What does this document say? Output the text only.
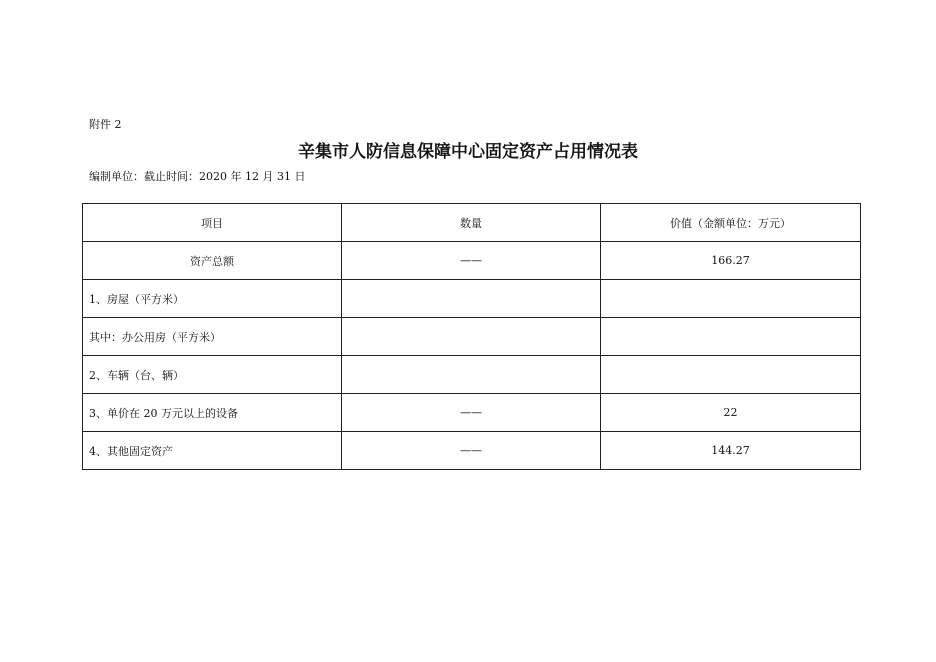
附件 2
辛集市人防信息保障中心固定资产占用情况表
编制单位：截止时间：2020 年 12 月 31 日
项目	数量	价值（金额单位：万元）
资产总额	——	166.27
1、房屋（平方米）		
其中：办公用房（平方米）		
2、车辆（台、辆）		
3、单价在 20 万元以上的设备	——	22
4、其他固定资产	——	144.27
